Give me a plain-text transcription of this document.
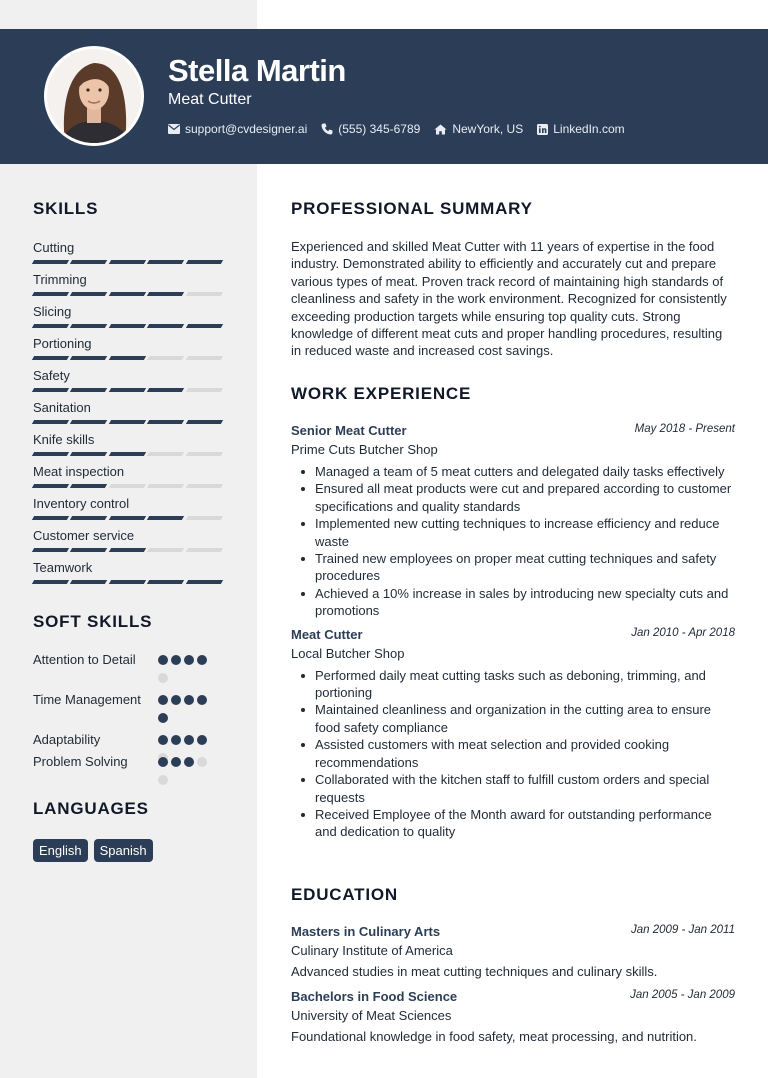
Stella Martin
Meat Cutter
support@cvdesigner.ai	(555) 345-6789	NewYork, US	LinkedIn.com
SKILLS
Cutting
Trimming
Slicing
Portioning
Safety
Sanitation
Knife skills
Meat inspection
Inventory control
Customer service
Teamwork
SOFT SKILLS
Attention to Detail
Time Management
Adaptability
Problem Solving
LANGUAGES
English	Spanish
PROFESSIONAL SUMMARY

Experienced and skilled Meat Cutter with 11 years of expertise in the food industry. Demonstrated ability to efficiently and accurately cut and prepare various types of meat. Proven track record of maintaining high standards of cleanliness and safety in the work environment. Recognized for consistently exceeding production targets while ensuring top quality cuts. Strong knowledge of different meat cuts and proper handling procedures, resulting in reduced waste and increased cost savings.

WORK EXPERIENCE
Senior Meat Cutter	May 2018 - Present
Prime Cuts Butcher Shop
Managed a team of 5 meat cutters and delegated daily tasks effectively
Ensured all meat products were cut and prepared according to customer specifications and quality standards
Implemented new cutting techniques to increase efficiency and reduce waste
Trained new employees on proper meat cutting techniques and safety procedures
Achieved a 10% increase in sales by introducing new specialty cuts and promotions
Meat Cutter	Jan 2010 - Apr 2018
Local Butcher Shop
Performed daily meat cutting tasks such as deboning, trimming, and portioning
Maintained cleanliness and organization in the cutting area to ensure food safety compliance
Assisted customers with meat selection and provided cooking recommendations
Collaborated with the kitchen staff to fulfill custom orders and special requests
Received Employee of the Month award for outstanding performance and dedication to quality
EDUCATION
Masters in Culinary Arts	Jan 2009 - Jan 2011
Culinary Institute of America
Advanced studies in meat cutting techniques and culinary skills.
Bachelors in Food Science	Jan 2005 - Jan 2009
University of Meat Sciences
Foundational knowledge in food safety, meat processing, and nutrition.
